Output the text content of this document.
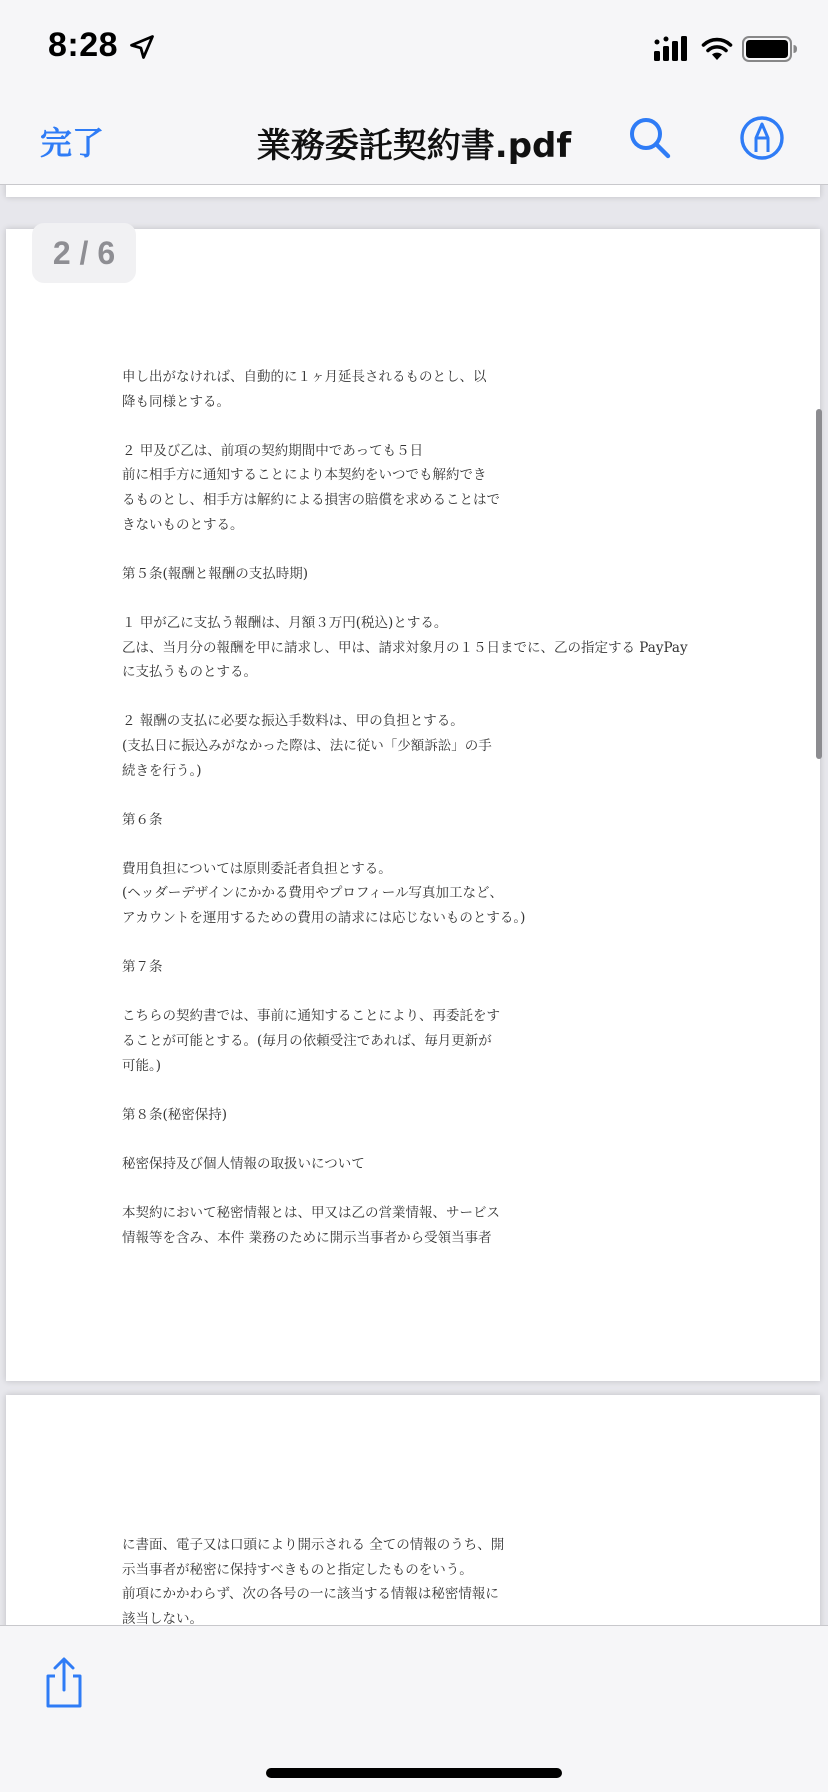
8:28
完了	業務委託契約書.pdf
申し出がなければ、自動的に１ヶ月延長されるものとし、以
降も同様とする。
２ 甲及び乙は、前項の契約期間中であっても５日
前に相手方に通知することにより本契約をいつでも解約でき
るものとし、相手方は解約による損害の賠償を求めることはで
きないものとする。
第５条(報酬と報酬の支払時期)
１ 甲が乙に支払う報酬は、月額３万円(税込)とする。
乙は、当月分の報酬を甲に請求し、甲は、請求対象月の１５日までに、乙の指定する PayPay
に支払うものとする。
２ 報酬の支払に必要な振込手数料は、甲の負担とする。
(支払日に振込みがなかった際は、法に従い「少額訴訟」の手
続きを行う。)
第６条
費用負担については原則委託者負担とする。
(ヘッダーデザインにかかる費用やプロフィール写真加工など、
アカウントを運用するための費用の請求には応じないものとする。)
第７条
こちらの契約書では、事前に通知することにより、再委託をす
ることが可能とする。(毎月の依頼受注であれば、毎月更新が
可能。)
第８条(秘密保持)
秘密保持及び個人情報の取扱いについて
本契約において秘密情報とは、甲又は乙の営業情報、サービス
情報等を含み、本件 業務のために開示当事者から受領当事者
2 / 6
に書面、電子又は口頭により開示される 全ての情報のうち、開
示当事者が秘密に保持すべきものと指定したものをいう。
前項にかかわらず、次の各号の一に該当する情報は秘密情報に
該当しない。
